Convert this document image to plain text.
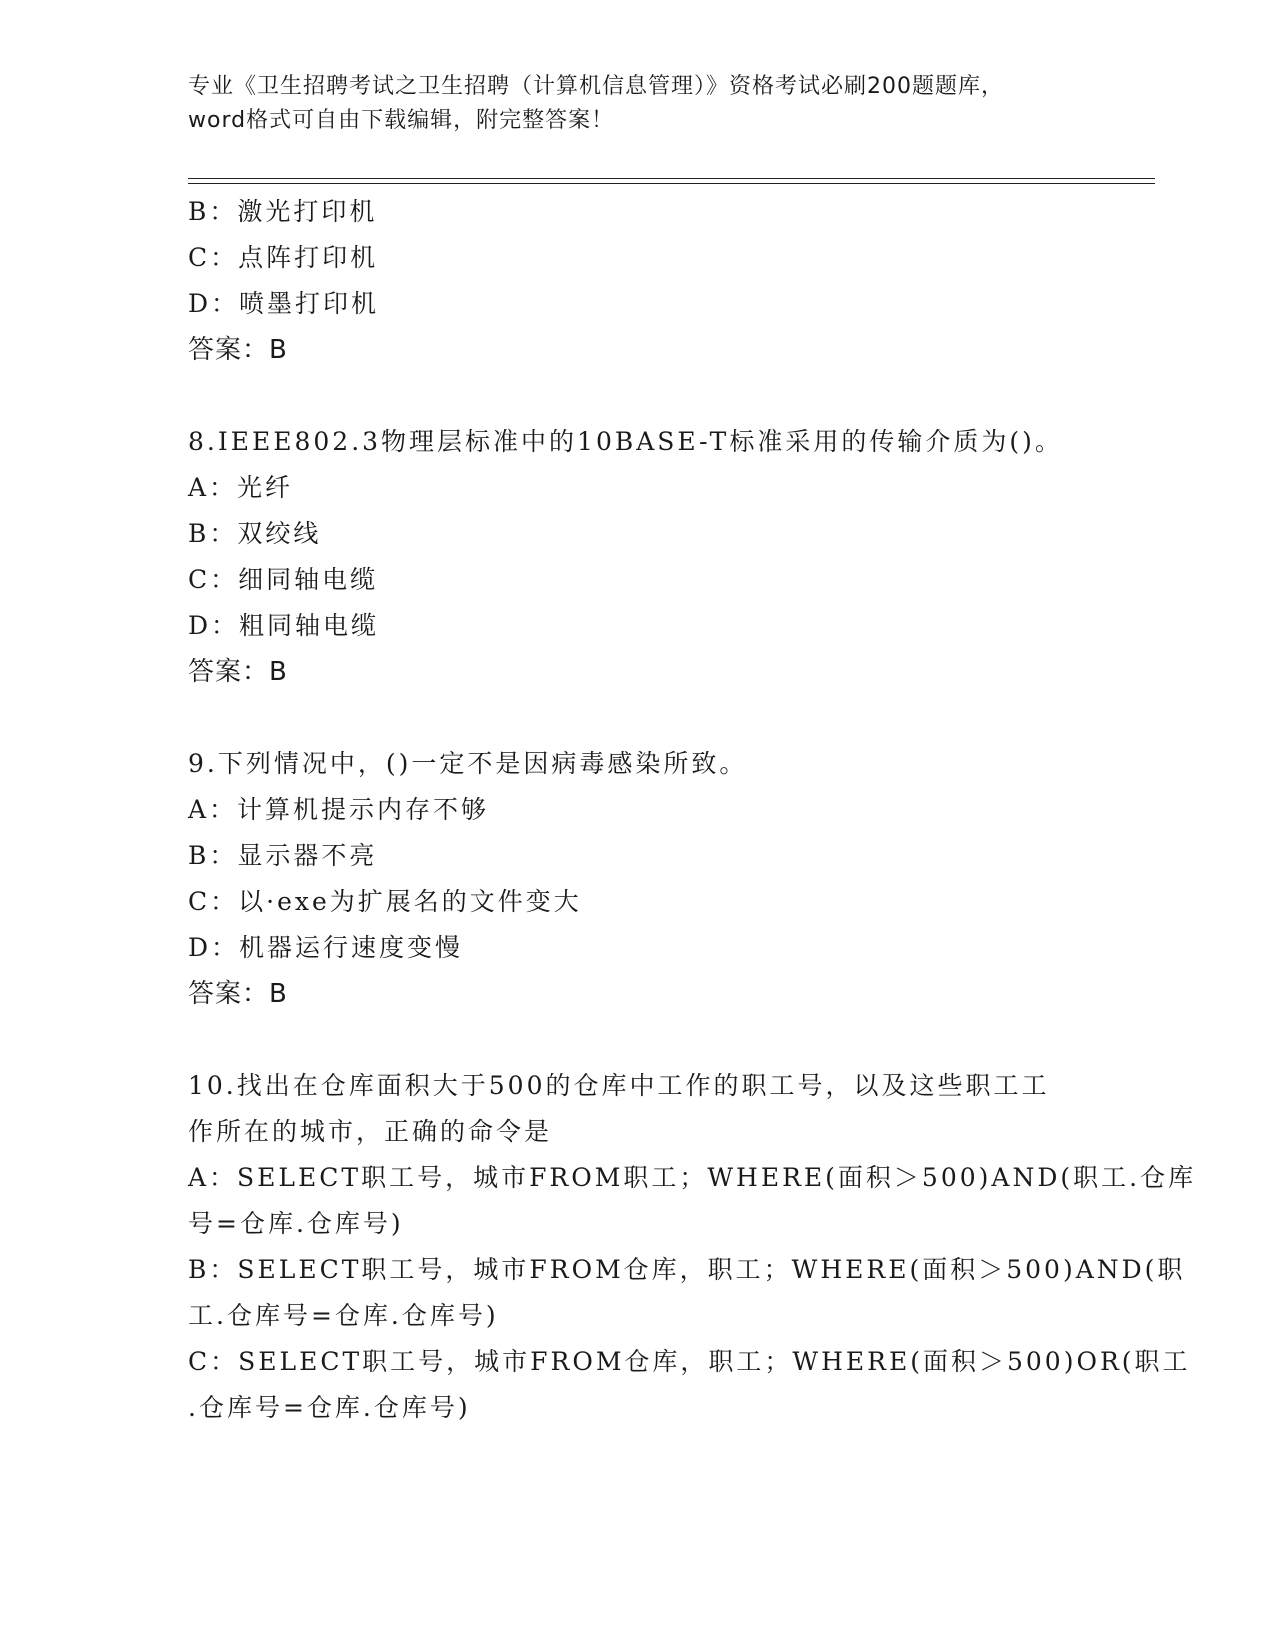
专业《卫生招聘考试之卫生招聘（计算机信息管理）》资格考试必刷200题题库，
word格式可自由下载编辑，附完整答案！
B：激光打印机
C：点阵打印机
D：喷墨打印机
答案：B
8.IEEE802.3物理层标准中的10BASE-T标准采用的传输介质为()。
A：光纤
B：双绞线
C：细同轴电缆
D：粗同轴电缆
答案：B
9.下列情况中，()一定不是因病毒感染所致。
A：计算机提示内存不够
B：显示器不亮
C：以·exe为扩展名的文件变大
D：机器运行速度变慢
答案：B
10.找出在仓库面积大于500的仓库中工作的职工号，以及这些职工工
作所在的城市，正确的命令是
A：SELECT职工号，城市FROM职工；WHERE(面积＞500)AND(职工.仓库
号=仓库.仓库号)
B：SELECT职工号，城市FROM仓库，职工；WHERE(面积＞500)AND(职
工.仓库号=仓库.仓库号)
C：SELECT职工号，城市FROM仓库，职工；WHERE(面积＞500)OR(职工
.仓库号=仓库.仓库号)
